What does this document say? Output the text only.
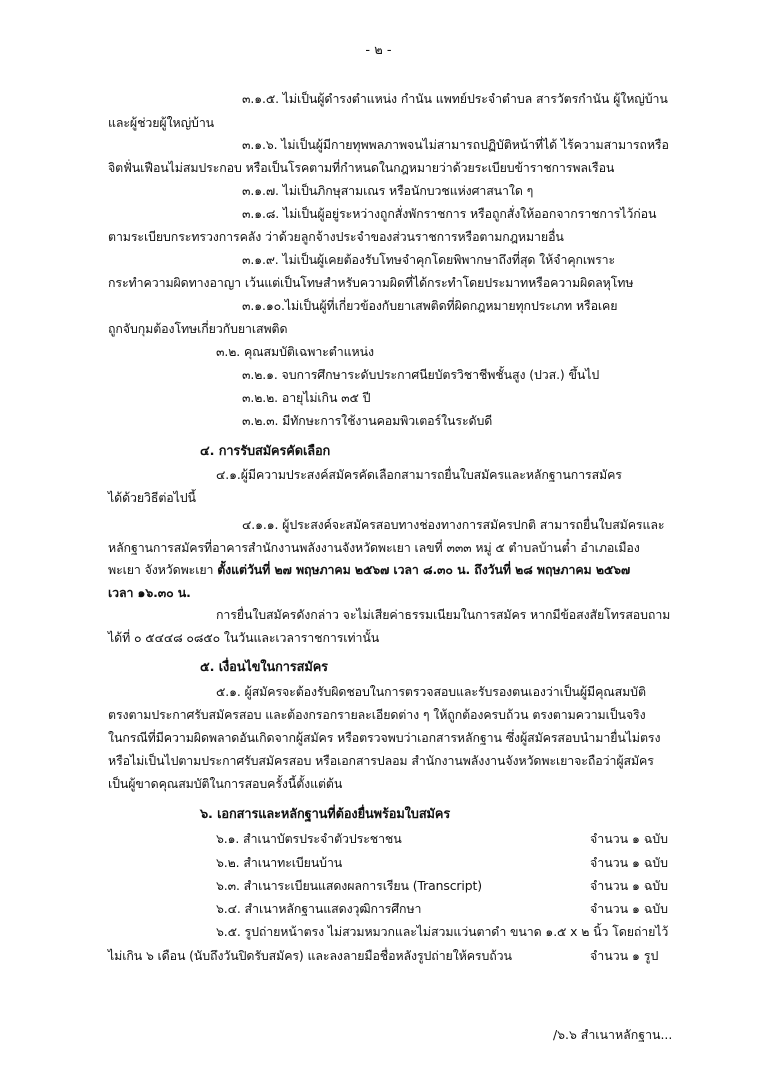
- ๒ -
๓.๑.๕. ไม่เป็นผู้ดำรงตำแหน่ง กำนัน แพทย์ประจำตำบล สารวัตรกำนัน ผู้ใหญ่บ้าน
และผู้ช่วยผู้ใหญ่บ้าน
๓.๑.๖. ไม่เป็นผู้มีกายทุพพลภาพจนไม่สามารถปฏิบัติหน้าที่ได้ ไร้ความสามารถหรือ
จิตฟั่นเฟือนไม่สมประกอบ หรือเป็นโรคตามที่กำหนดในกฎหมายว่าด้วยระเบียบข้าราชการพลเรือน
๓.๑.๗. ไม่เป็นภิกษุสามเณร หรือนักบวชแห่งศาสนาใด ๆ
๓.๑.๘. ไม่เป็นผู้อยู่ระหว่างถูกสั่งพักราชการ หรือถูกสั่งให้ออกจากราชการไว้ก่อน
ตามระเบียบกระทรวงการคลัง ว่าด้วยลูกจ้างประจำของส่วนราชการหรือตามกฎหมายอื่น
๓.๑.๙. ไม่เป็นผู้เคยต้องรับโทษจำคุกโดยพิพากษาถึงที่สุด ให้จำคุกเพราะ
กระทำความผิดทางอาญา เว้นแต่เป็นโทษสำหรับความผิดที่ได้กระทำโดยประมาทหรือความผิดลหุโทษ
๓.๑.๑๐.ไม่เป็นผู้ที่เกี่ยวข้องกับยาเสพติดที่ผิดกฎหมายทุกประเภท หรือเคย
ถูกจับกุมต้องโทษเกี่ยวกับยาเสพติด
๓.๒. คุณสมบัติเฉพาะตำแหน่ง
๓.๒.๑. จบการศึกษาระดับประกาศนียบัตรวิชาชีพชั้นสูง (ปวส.) ขึ้นไป
๓.๒.๒. อายุไม่เกิน ๓๕ ปี
๓.๒.๓. มีทักษะการใช้งานคอมพิวเตอร์ในระดับดี
๔. การรับสมัครคัดเลือก
๔.๑.ผู้มีความประสงค์สมัครคัดเลือกสามารถยื่นใบสมัครและหลักฐานการสมัคร
ได้ด้วยวิธีต่อไปนี้
๔.๑.๑. ผู้ประสงค์จะสมัครสอบทางช่องทางการสมัครปกติ สามารถยื่นใบสมัครและ
หลักฐานการสมัครที่อาคารสำนักงานพลังงานจังหวัดพะเยา เลขที่ ๓๓๓ หมู่ ๕ ตำบลบ้านต๋ำ อำเภอเมือง
พะเยา จังหวัดพะเยา ตั้งแต่วันที่ ๒๗ พฤษภาคม ๒๕๖๗ เวลา ๘.๓๐ น. ถึงวันที่ ๒๘ พฤษภาคม ๒๕๖๗
เวลา ๑๖.๓๐ น.
การยื่นใบสมัครดังกล่าว จะไม่เสียค่าธรรมเนียมในการสมัคร หากมีข้อสงสัยโทรสอบถาม
ได้ที่ ๐ ๕๔๔๘ ๐๘๕๐ ในวันและเวลาราชการเท่านั้น
๕. เงื่อนไขในการสมัคร
๕.๑. ผู้สมัครจะต้องรับผิดชอบในการตรวจสอบและรับรองตนเองว่าเป็นผู้มีคุณสมบัติ
ตรงตามประกาศรับสมัครสอบ และต้องกรอกรายละเอียดต่าง ๆ ให้ถูกต้องครบถ้วน ตรงตามความเป็นจริง
ในกรณีที่มีความผิดพลาดอันเกิดจากผู้สมัคร หรือตรวจพบว่าเอกสารหลักฐาน ซึ่งผู้สมัครสอบนำมายื่นไม่ตรง
หรือไม่เป็นไปตามประกาศรับสมัครสอบ หรือเอกสารปลอม สำนักงานพลังงานจังหวัดพะเยาจะถือว่าผู้สมัคร
เป็นผู้ขาดคุณสมบัติในการสอบครั้งนี้ตั้งแต่ต้น
๖. เอกสารและหลักฐานที่ต้องยื่นพร้อมใบสมัคร
๖.๑. สำเนาบัตรประจำตัวประชาชน	จำนวน ๑ ฉบับ
๖.๒. สำเนาทะเบียนบ้าน	จำนวน ๑ ฉบับ
๖.๓. สำเนาระเบียนแสดงผลการเรียน (Transcript)	จำนวน ๑ ฉบับ
๖.๔. สำเนาหลักฐานแสดงวุฒิการศึกษา	จำนวน ๑ ฉบับ
๖.๕. รูปถ่ายหน้าตรง ไม่สวมหมวกและไม่สวมแว่นตาดำ ขนาด ๑.๕ x ๒ นิ้ว โดยถ่ายไว้
ไม่เกิน ๖ เดือน (นับถึงวันปิดรับสมัคร) และลงลายมือชื่อหลังรูปถ่ายให้ครบถ้วน	จำนวน ๑ รูป
/๖.๖ สำเนาหลักฐาน...
